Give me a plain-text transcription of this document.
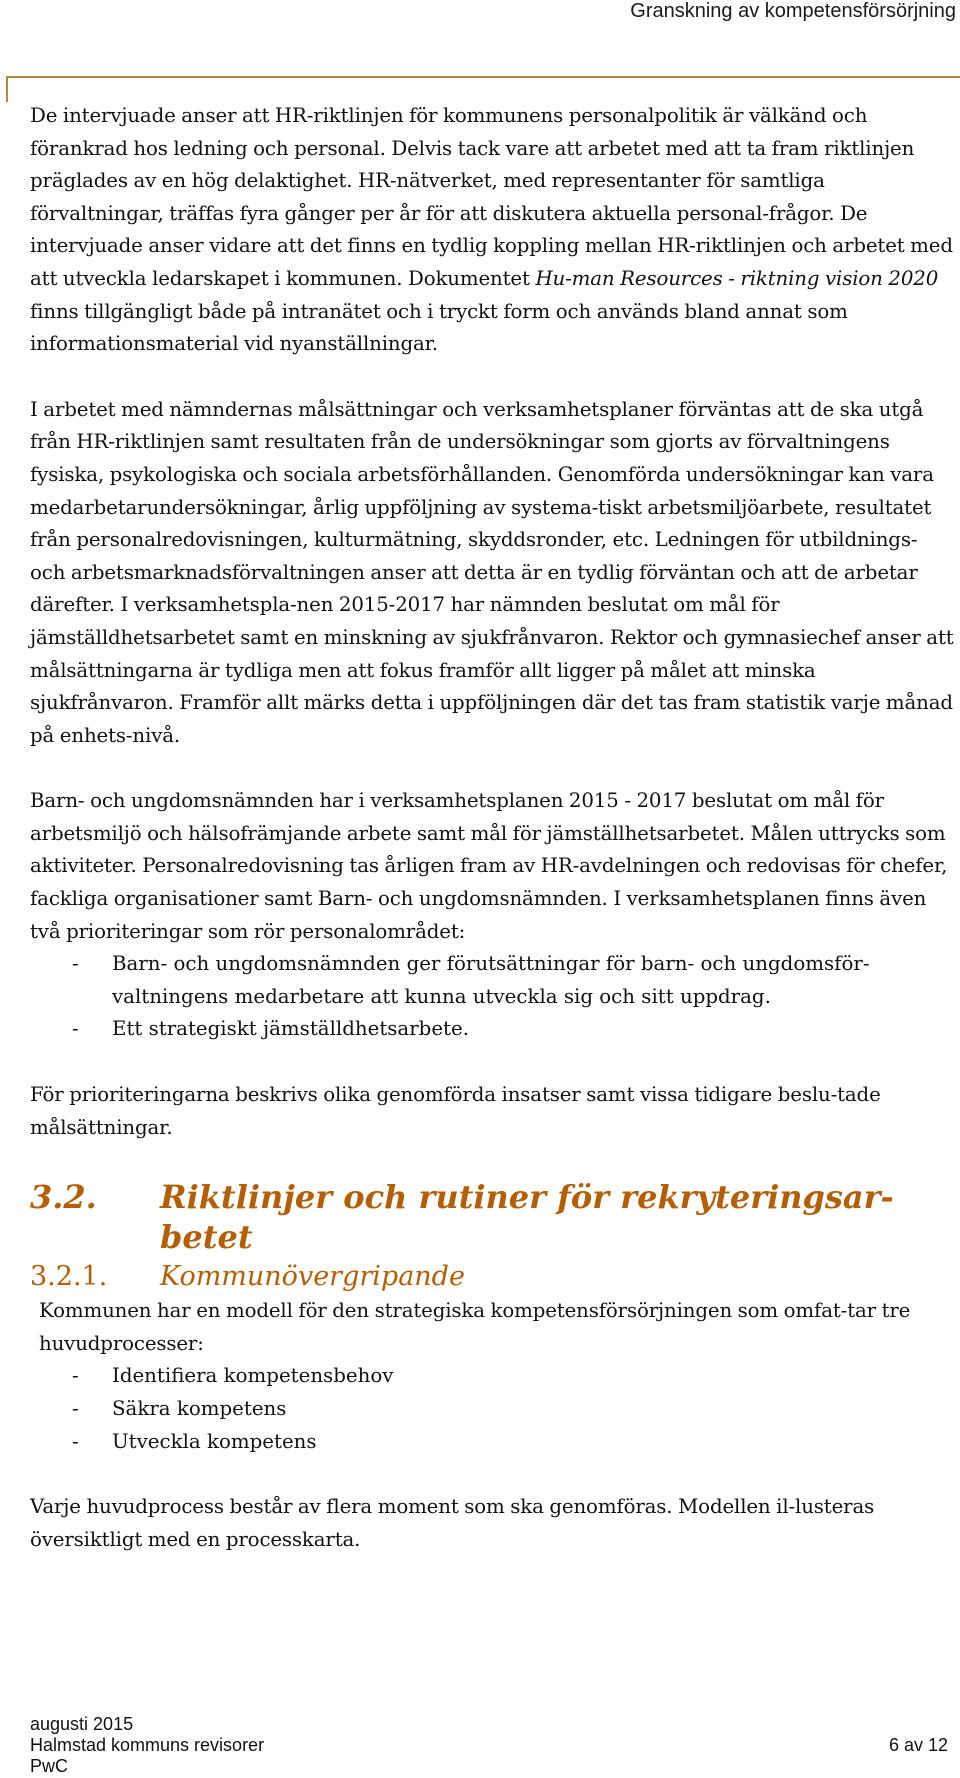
Granskning av kompetensförsörjning

De intervjuade anser att HR-riktlinjen för kommunens personalpolitik är välkänd och förankrad hos ledning och personal. Delvis tack vare att arbetet med att ta fram riktlinjen präglades av en hög delaktighet. HR-nätverket, med representanter för samtliga förvaltningar, träffas fyra gånger per år för att diskutera aktuella personal-frågor. De intervjuade anser vidare att det finns en tydlig koppling mellan HR-riktlinjen och arbetet med att utveckla ledarskapet i kommunen. Dokumentet Hu-man Resources - riktning vision 2020 finns tillgängligt både på intranätet och i tryckt form och används bland annat som informationsmaterial vid nyanställningar.

I arbetet med nämndernas målsättningar och verksamhetsplaner förväntas att de ska utgå från HR-riktlinjen samt resultaten från de undersökningar som gjorts av förvaltningens fysiska, psykologiska och sociala arbetsförhållanden. Genomförda undersökningar kan vara medarbetarundersökningar, årlig uppföljning av systema-tiskt arbetsmiljöarbete, resultatet från personalredovisningen, kulturmätning, skyddsronder, etc. Ledningen för utbildnings- och arbetsmarknadsförvaltningen anser att detta är en tydlig förväntan och att de arbetar därefter. I verksamhetspla-nen 2015-2017 har nämnden beslutat om mål för jämställdhetsarbetet samt en minskning av sjukfrånvaron. Rektor och gymnasiechef anser att målsättningarna är tydliga men att fokus framför allt ligger på målet att minska sjukfrånvaron. Framför allt märks detta i uppföljningen där det tas fram statistik varje månad på enhets-nivå.

Barn- och ungdomsnämnden har i verksamhetsplanen 2015 - 2017 beslutat om mål för arbetsmiljö och hälsofrämjande arbete samt mål för jämställhetsarbetet. Målen uttrycks som aktiviteter. Personalredovisning tas årligen fram av HR-avdelningen och redovisas för chefer, fackliga organisationer samt Barn- och ungdomsnämnden. I verksamhetsplanen finns även två prioriteringar som rör personalområdet:

- Barn- och ungdomsnämnden ger förutsättningar för barn- och ungdomsför-valtningens medarbetare att kunna utveckla sig och sitt uppdrag.
- Ett strategiskt jämställdhetsarbete.

För prioriteringarna beskrivs olika genomförda insatser samt vissa tidigare beslu-tade målsättningar.

3.2.	Riktlinjer och rutiner för rekryteringsar-betet
3.2.1.	Kommunövergripande

Kommunen har en modell för den strategiska kompetensförsörjningen som omfat-tar tre huvudprocesser:

- Identifiera kompetensbehov
- Säkra kompetens
- Utveckla kompetens

Varje huvudprocess består av flera moment som ska genomföras. Modellen il-lusteras översiktligt med en processkarta.

augusti 2015
Halmstad kommuns revisorer
PwC
6 av 12
